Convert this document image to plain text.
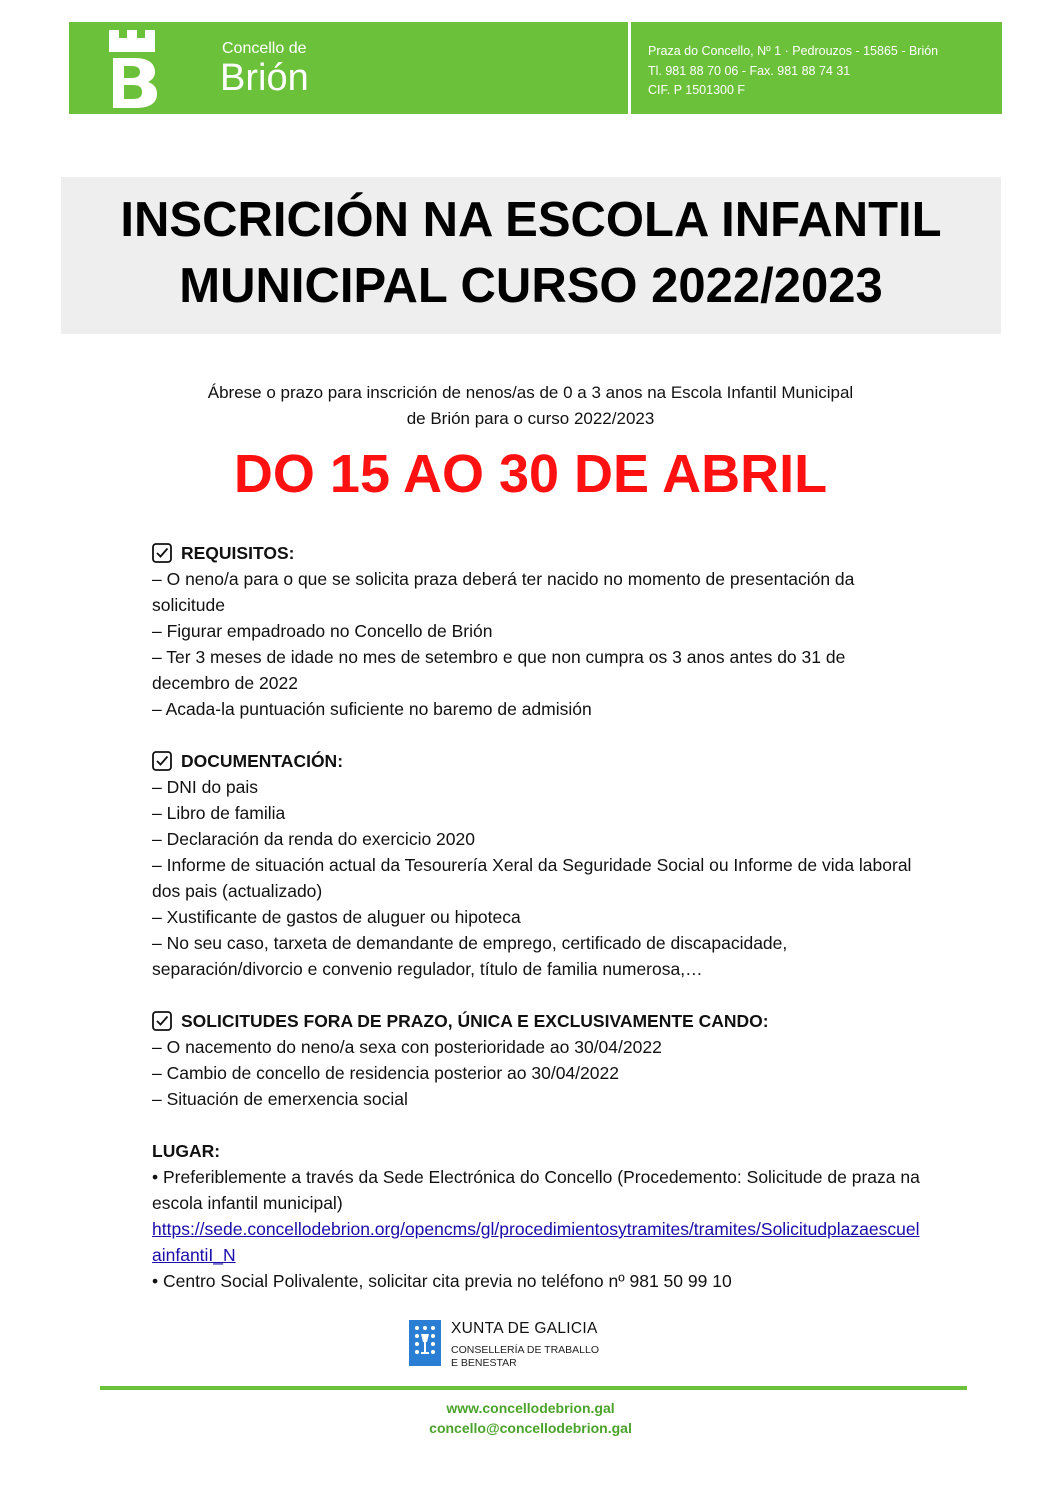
Concello de
Brión
Praza do Concello, Nº 1 · Pedrouzos - 15865 - Brión
Tl. 981 88 70 06 - Fax. 981 88 74 31
CIF. P 1501300 F
INSCRICIÓN NA ESCOLA INFANTIL
MUNICIPAL CURSO 2022/2023
Ábrese o prazo para inscrición de nenos/as de 0 a 3 anos na Escola Infantil Municipal
de Brión para o curso 2022/2023
DO 15 AO 30 DE ABRIL
REQUISITOS:
– O neno/a para o que se solicita praza deberá ter nacido no momento de presentación da solicitude
– Figurar empadroado no Concello de Brión
– Ter 3 meses de idade no mes de setembro e que non cumpra os 3 anos antes do 31 de decembro de 2022
– Acada-la puntuación suficiente no baremo de admisión
DOCUMENTACIÓN:
– DNI do pais
– Libro de familia
– Declaración da renda do exercicio 2020
– Informe de situación actual da Tesourería Xeral da Seguridade Social ou Informe de vida laboral dos pais (actualizado)
– Xustificante de gastos de aluguer ou hipoteca
– No seu caso, tarxeta de demandante de emprego, certificado de discapacidade, separación/divorcio e convenio regulador, título de familia numerosa,…
SOLICITUDES FORA DE PRAZO, ÚNICA E EXCLUSIVAMENTE CANDO:
– O nacemento do neno/a sexa con posterioridade ao 30/04/2022
– Cambio de concello de residencia posterior ao 30/04/2022
– Situación de emerxencia social
LUGAR:
• Preferiblemente a través da Sede Electrónica do Concello (Procedemento: Solicitude de praza na escola infantil municipal)
https://sede.concellodebrion.org/opencms/gl/procedimientosytramites/tramites/SolicitudplazaescuelainfantiI_N
• Centro Social Polivalente, solicitar cita previa no teléfono nº 981 50 99 10
XUNTA DE GALICIA
CONSELLERÍA DE TRABALLO
E BENESTAR
www.concellodebrion.gal
concello@concellodebrion.gal
